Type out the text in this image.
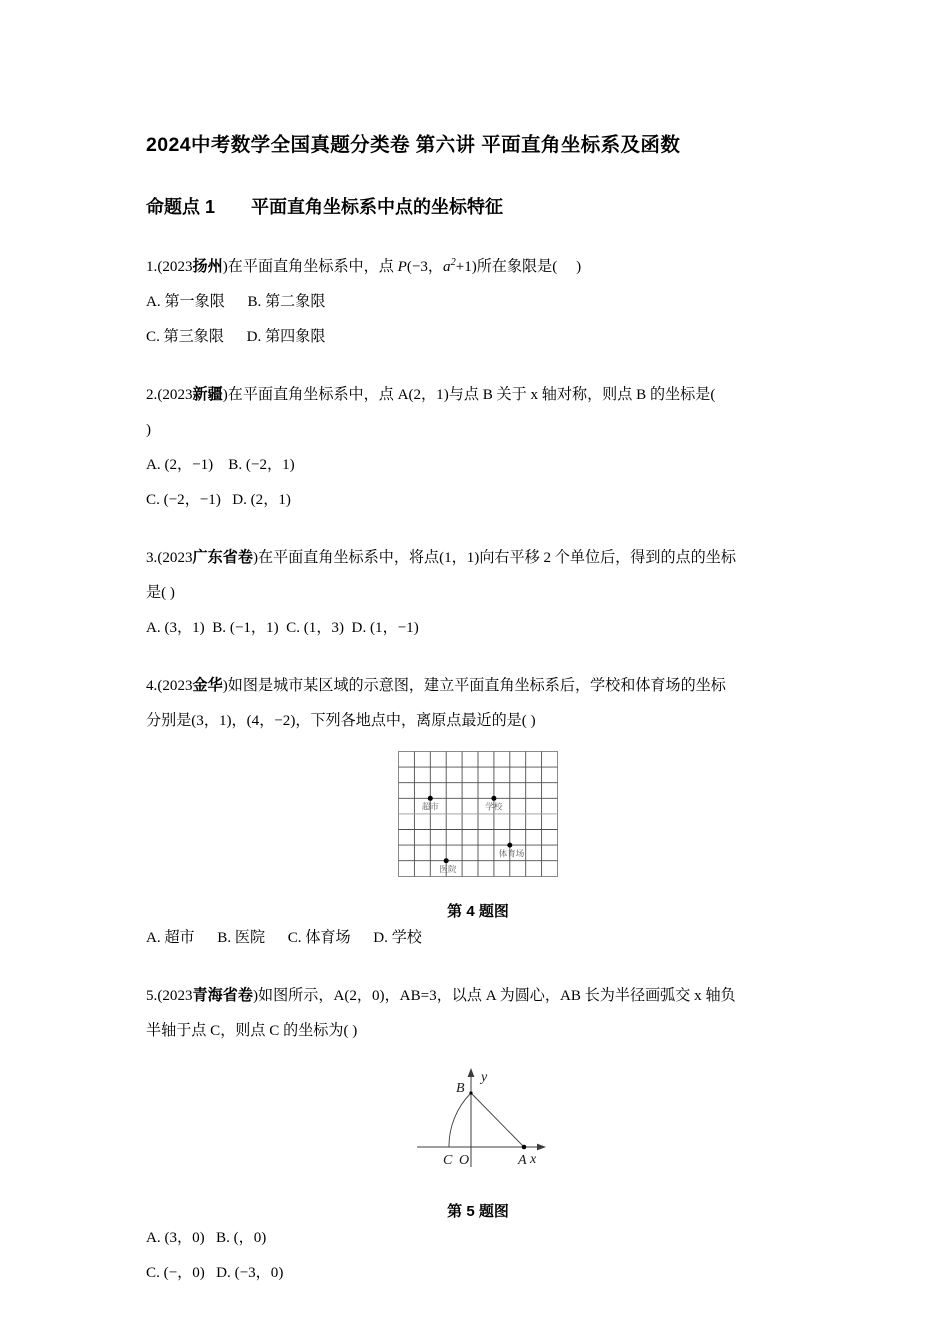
2024中考数学全国真题分类卷 第六讲 平面直角坐标系及函数
命题点 1 平面直角坐标系中点的坐标特征
1.(2023扬州)在平面直角坐标系中，点 P(−3，$a^2+1$)所在象限是( )
A. 第一象限      B. 第二象限
C. 第三象限      D. 第四象限
2.(2023新疆)在平面直角坐标系中，点 A(2，1)与点 B 关于 x 轴对称，则点 B 的坐标是(
)
A. (2，−1)    B. (−2，1)
C. (−2，−1)   D. (2，1)
3.(2023广东省卷)在平面直角坐标系中，将点(1，1)向右平移 2 个单位后，得到的点的坐标
是( )
A. (3，1)  B. (−1，1)  C. (1，3)  D. (1，−1)
4.(2023金华)如图是城市某区域的示意图，建立平面直角坐标系后，学校和体育场的坐标
分别是(3，1)，(4，−2)，下列各地点中，离原点最近的是( )
超市	学校
体育场
医院
第 4 题图
A. 超市      B. 医院      C. 体育场      D. 学校
5.(2023青海省卷)如图所示，A(2，0)，AB=3，以点 A 为圆心，AB 长为半径画弧交 x 轴负
半轴于点 C，则点 C 的坐标为( )
y
x
B
C O	A
第 5 题图
A. (3，0)   B. (，0)
C. (−，0)   D. (−3，0)
